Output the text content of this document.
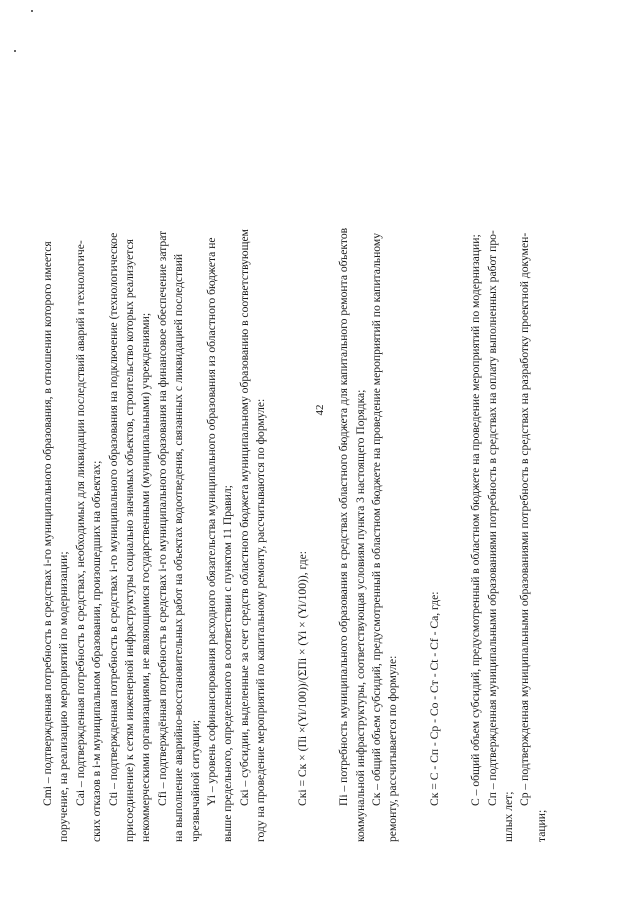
42

Cmi – подтвержденная потребность в средствах i-го муниципального образования, в отношении которого имеется поручение, на реализацию мероприятий по модернизации; Cai – подтвержденная потребность в средствах, необходимых для ликвидации последствий аварий и технологиче- ских отказов в i-м муниципальном образовании, произошедших на объектах; Cti – подтвержденная потребность в средствах i-го муниципального образования на подключение (технологическое присоединение) к сетям инженерной инфраструктуры социально значимых объектов, строительство которых реализуется некоммерческими организациями, не являющимися государственными (муниципальными) учреждениями; Cfi – подтверждённая потребность в средствах i-го муниципального образования на финансовое обеспечение затрат на выполнение аварийно-восстановительных работ на объектах водоотведения, связанных с ликвидацией последствий чрезвычайной ситуации; Yi – уровень софинансирования расходного обязательства муниципального образования из областного бюджета не выше предельного, определенного в соответствии с пунктом 11 Правил; Cкi – субсидии, выделенные за счет средств областного бюджета муниципальному образованию в соответствующем году на проведение мероприятий по капитальному ремонту, рассчитываются по формуле: Cкi = Cк × (Пi ×(Yi/100))/(ΣПi × (Yi × (Yi/100)), где: Пi – потребность муниципального образования в средствах областного бюджета для капитального ремонта объектов коммунальной инфраструктуры, соответствующая условиям пункта 3 настоящего Порядка; Cк – общий объем субсидий, предусмотренный в областном бюджете на проведение мероприятий по капитальному ремонту, рассчитывается по формуле: Cк = C - Cп - Cр - Co - Cт - Ct - Cf - Ca, где: C – общий объем субсидий, предусмотренный в областном бюджете на проведение мероприятий по модернизации; Cп – подтвержденная муниципальными образованиями потребность в средствах на оплату выполненных работ про-

шлых лет;

Cр – подтвержденная муниципальными образованиями потребность в средствах на разработку проектной докумен-

тации;
